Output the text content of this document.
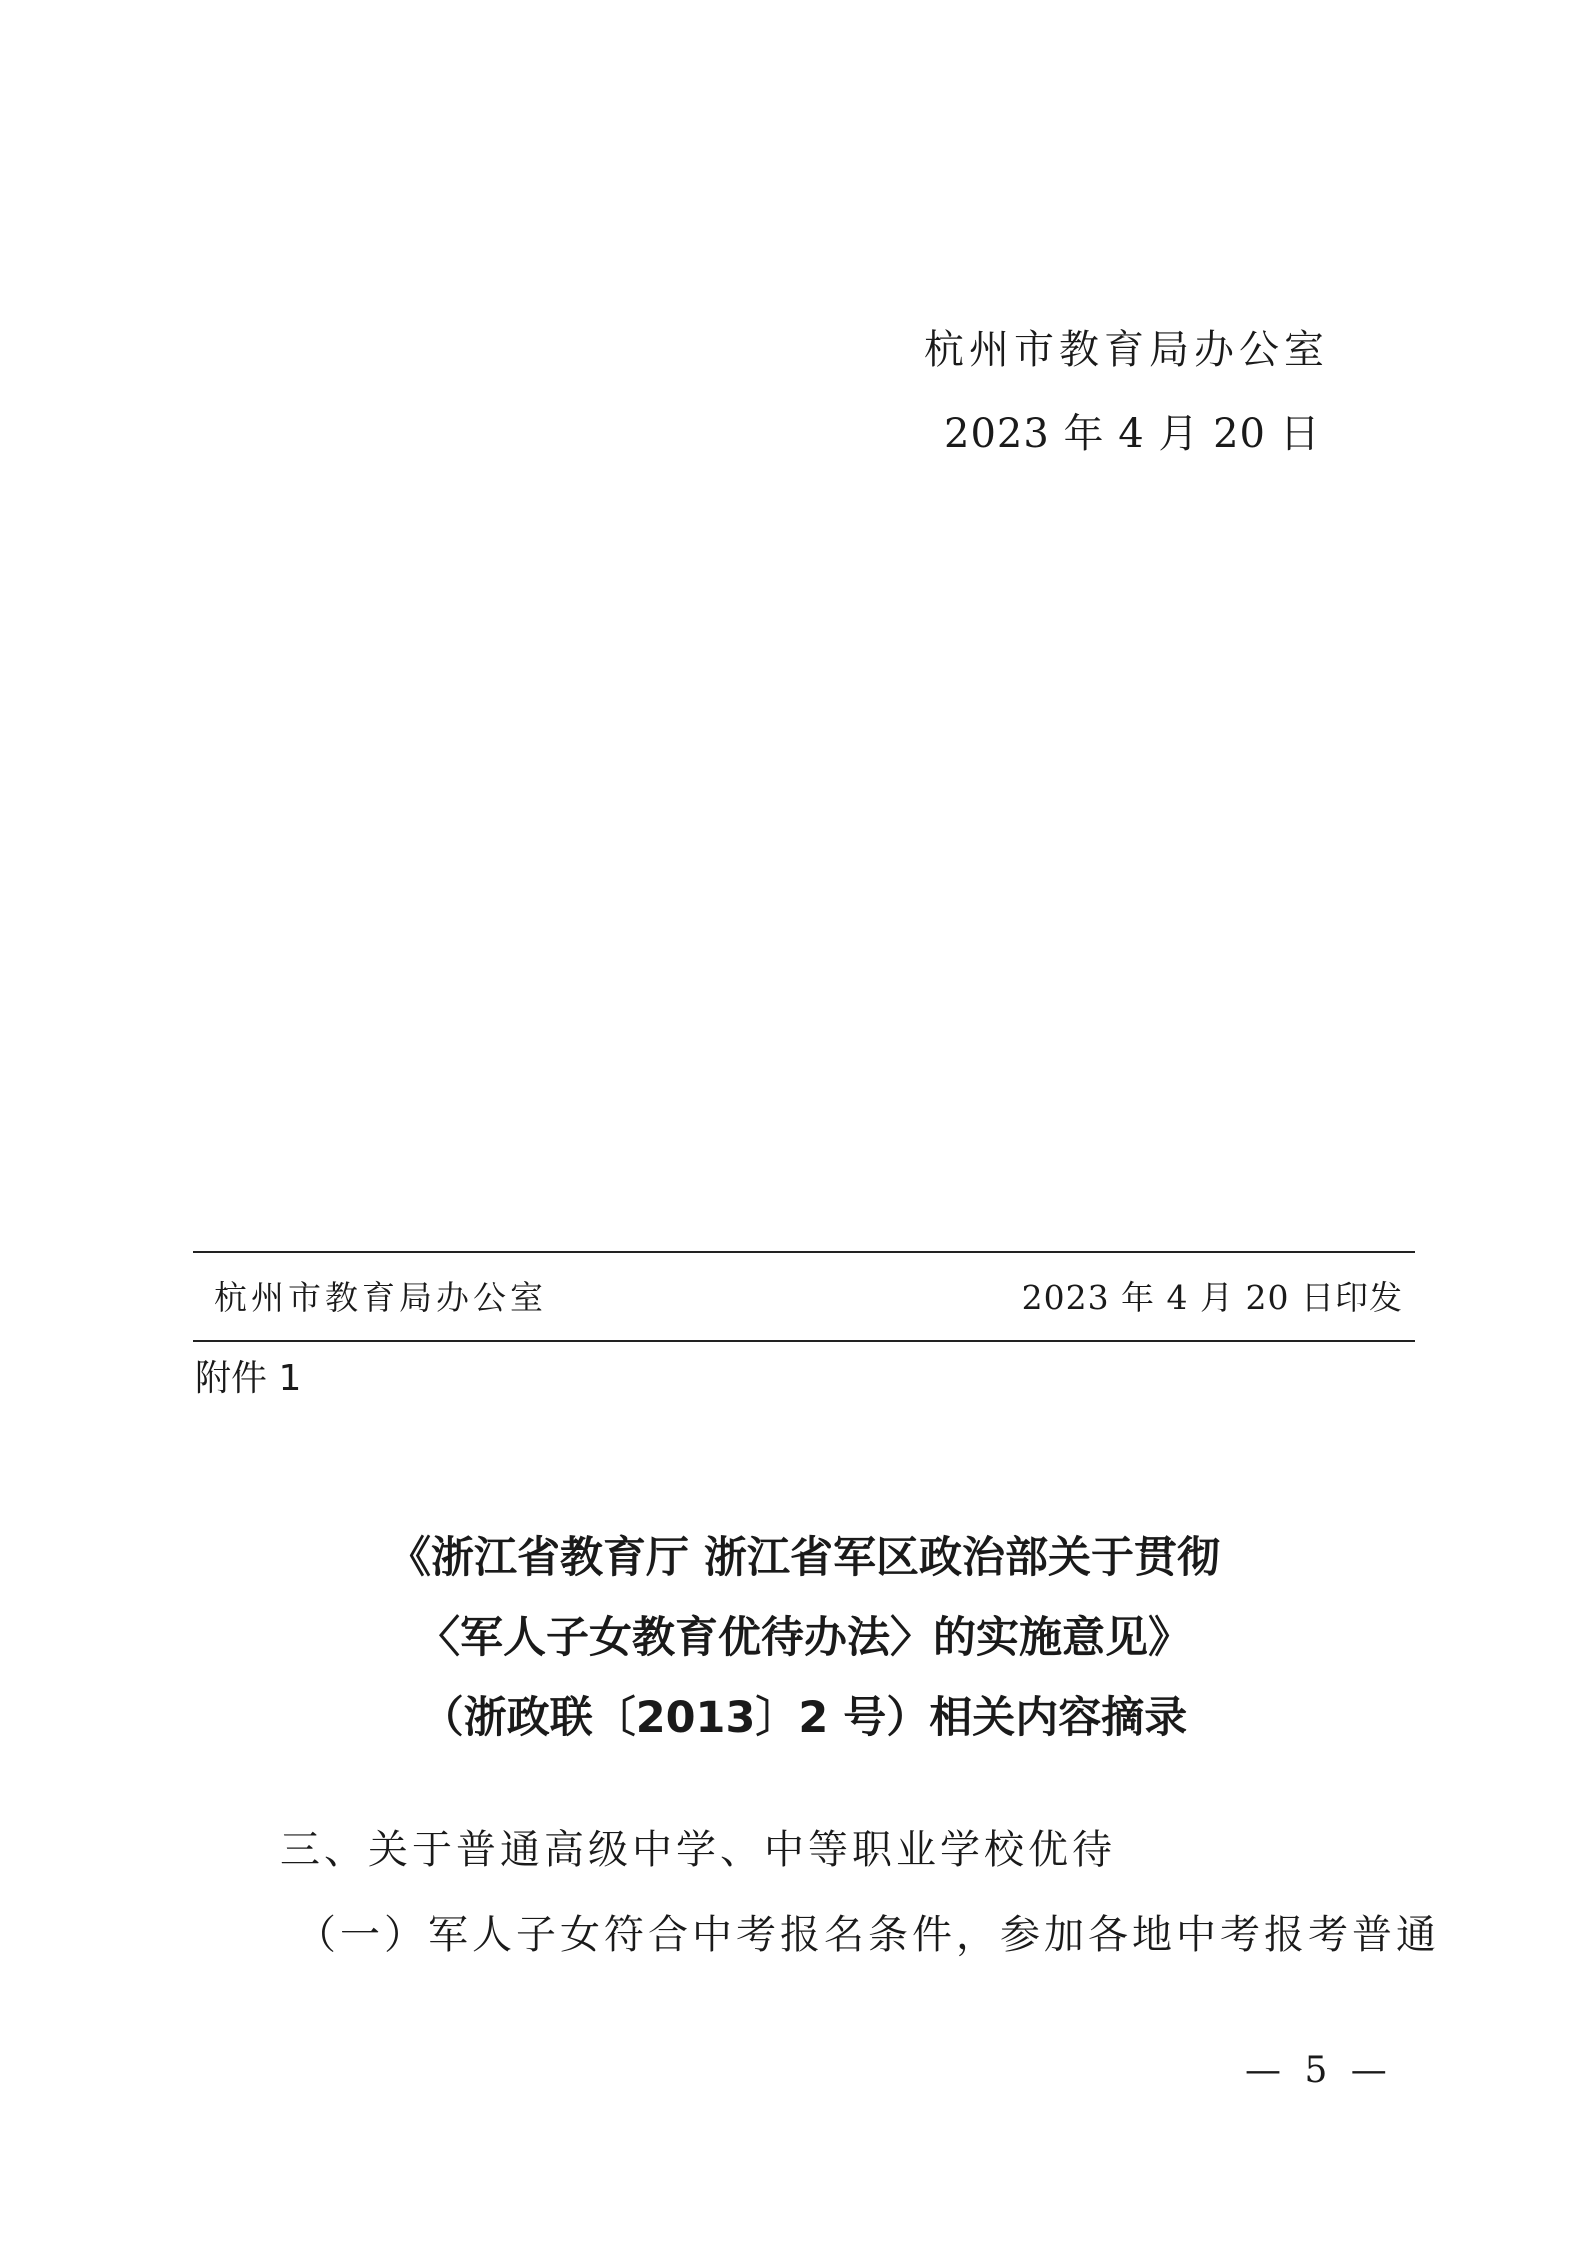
杭州市教育局办公室
2023 年 4 月 20 日
杭州市教育局办公室	2023 年 4 月 20 日印发
附件 1
《浙江省教育厅 浙江省军区政治部关于贯彻
〈军人子女教育优待办法〉的实施意见》
（浙政联〔2013〕2 号）相关内容摘录
三、关于普通高级中学、中等职业学校优待
（一）军人子女符合中考报名条件，参加各地中考报考普通
— 5 —
